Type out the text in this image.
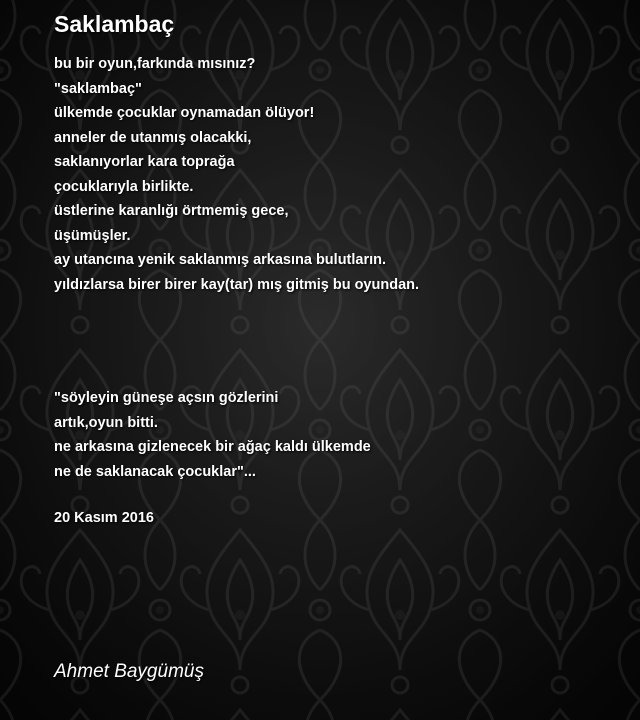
Saklambaç
bu bir oyun,farkında mısınız?
"saklambaç"
ülkemde çocuklar oynamadan ölüyor!
anneler de utanmış olacakki,
saklanıyorlar kara toprağa
çocuklarıyla birlikte.
üstlerine karanlığı örtmemiş gece,
üşümüşler.
ay utancına yenik saklanmış arkasına bulutların.
yıldızlarsa birer birer kay(tar) mış gitmiş bu oyundan.
"söyleyin güneşe açsın gözlerini
artık,oyun bitti.
ne arkasına gizlenecek bir ağaç kaldı ülkemde
ne de saklanacak çocuklar"...
20 Kasım 2016
Ahmet Baygümüş
